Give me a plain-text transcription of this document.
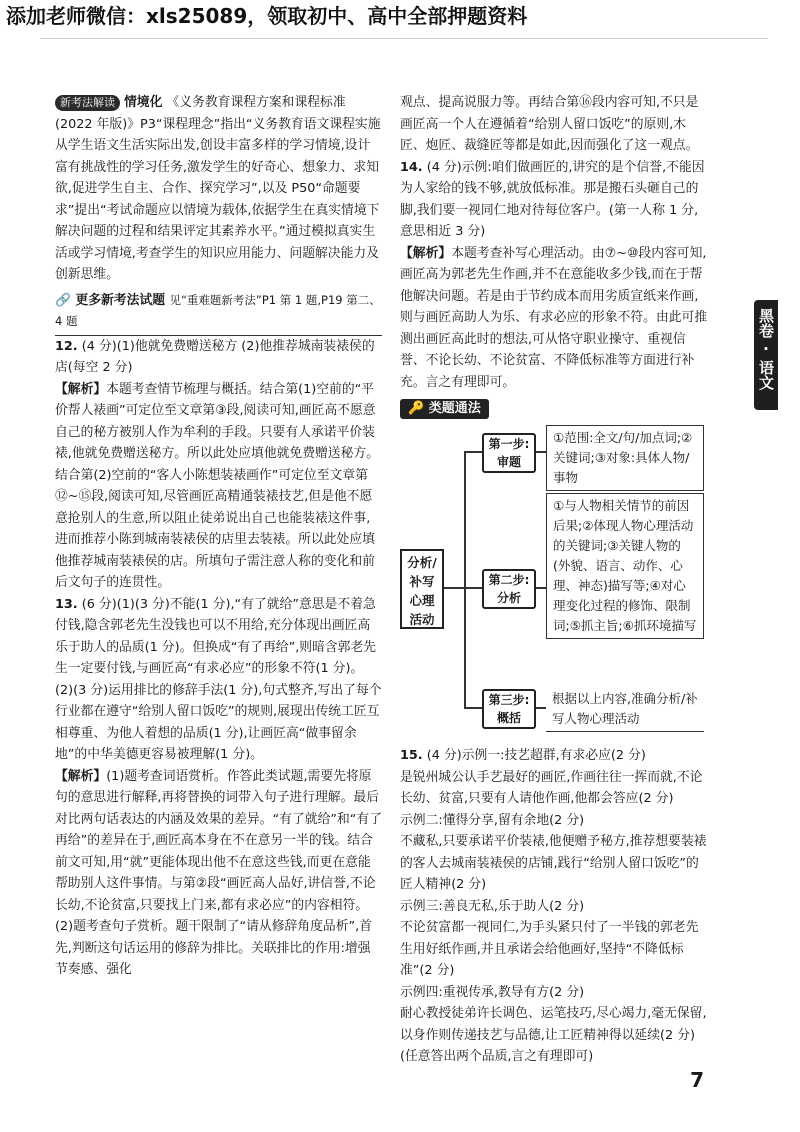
添加老师微信：xls25089，领取初中、高中全部押题资料
黑卷
·
语文

新考法解读 情境化 《义务教育课程方案和课程标准(2022 年版)》P3“课程理念”指出“义务教育语文课程实施从学生语文生活实际出发,创设丰富多样的学习情境,设计富有挑战性的学习任务,激发学生的好奇心、想象力、求知欲,促进学生自主、合作、探究学习”,以及 P50“命题要求”提出“考试命题应以情境为载体,依据学生在真实情境下解决问题的过程和结果评定其素养水平。”通过模拟真实生活或学习情境,考查学生的知识应用能力、问题解决能力及创新思维。

🔗 更多新考法试题 见“重难题新考法”P1 第 1 题,P19 第二、4 题

12. (4 分)(1)他就免费赠送秘方 (2)他推荐城南装裱侯的店(每空 2 分)

【解析】本题考查情节梳理与概括。结合第(1)空前的“平价帮人裱画”可定位至文章第③段,阅读可知,画匠高不愿意自己的秘方被别人作为牟利的手段。只要有人承诺平价装裱,他就免费赠送秘方。所以此处应填他就免费赠送秘方。结合第(2)空前的“客人小陈想装裱画作”可定位至文章第⑫~⑮段,阅读可知,尽管画匠高精通装裱技艺,但是他不愿意抢别人的生意,所以阻止徒弟说出自己也能装裱这件事,进而推荐小陈到城南装裱侯的店里去装裱。所以此处应填他推荐城南装裱侯的店。所填句子需注意人称的变化和前后文句子的连贯性。

13. (6 分)(1)(3 分)不能(1 分),“有了就给”意思是不着急付钱,隐含郭老先生没钱也可以不用给,充分体现出画匠高乐于助人的品质(1 分)。但换成“有了再给”,则暗含郭老先生一定要付钱,与画匠高“有求必应”的形象不符(1 分)。

(2)(3 分)运用排比的修辞手法(1 分),句式整齐,写出了每个行业都在遵守“给别人留口饭吃”的规则,展现出传统工匠互相尊重、为他人着想的品质(1 分),让画匠高“做事留余地”的中华美德更容易被理解(1 分)。

【解析】(1)题考查词语赏析。作答此类试题,需要先将原句的意思进行解释,再将替换的词带入句子进行理解。最后对比两句话表达的内涵及效果的差异。“有了就给”和“有了再给”的差异在于,画匠高本身在不在意另一半的钱。结合前文可知,用“就”更能体现出他不在意这些钱,而更在意能帮助别人这件事情。与第②段“画匠高人品好,讲信誉,不论长幼,不论贫富,只要找上门来,都有求必应”的内容相符。(2)题考查句子赏析。题干限制了“请从修辞角度品析”,首先,判断这句话运用的修辞为排比。关联排比的作用:增强节奏感、强化

观点、提高说服力等。再结合第⑯段内容可知,不只是画匠高一个人在遵循着“给别人留口饭吃”的原则,木匠、炮匠、裁缝匠等都是如此,因而强化了这一观点。

14. (4 分)示例:咱们做画匠的,讲究的是个信誉,不能因为人家给的钱不够,就放低标准。那是搬石头砸自己的脚,我们要一视同仁地对待每位客户。(第一人称 1 分,意思相近 3 分)

【解析】本题考查补写心理活动。由⑦~⑩段内容可知,画匠高为郭老先生作画,并不在意能收多少钱,而在于帮他解决问题。若是由于节约成本而用劣质宣纸来作画,则与画匠高助人为乐、有求必应的形象不符。由此可推测出画匠高此时的想法,可从恪守职业操守、重视信誉、不论长幼、不论贫富、不降低标准等方面进行补充。言之有理即可。

🔑 类题通法
分析/
补写
心理
活动
第一步:
审题
①范围:全文/句/加点词;②关键词;③对象:具体人物/事物
第二步:
分析
①与人物相关情节的前因后果;②体现人物心理活动的关键词;③关键人物的(外貌、语言、动作、心理、神态)描写等;④对心理变化过程的修饰、限制词;⑤抓主旨;⑥抓环境描写
第三步:
概括
根据以上内容,准确分析/补写人物心理活动

15. (4 分)示例一:技艺超群,有求必应(2 分)

是锐州城公认手艺最好的画匠,作画往往一挥而就,不论长幼、贫富,只要有人请他作画,他都会答应(2 分)

示例二:懂得分享,留有余地(2 分)

不藏私,只要承诺平价装裱,他便赠予秘方,推荐想要装裱的客人去城南装裱侯的店铺,践行“给别人留口饭吃”的匠人精神(2 分)

示例三:善良无私,乐于助人(2 分)

不论贫富都一视同仁,为手头紧只付了一半钱的郭老先生用好纸作画,并且承诺会给他画好,坚持“不降低标准”(2 分)

示例四:重视传承,教导有方(2 分)

耐心教授徒弟许长调色、运笔技巧,尽心竭力,毫无保留,以身作则传递技艺与品德,让工匠精神得以延续(2 分)(任意答出两个品质,言之有理即可)

7
